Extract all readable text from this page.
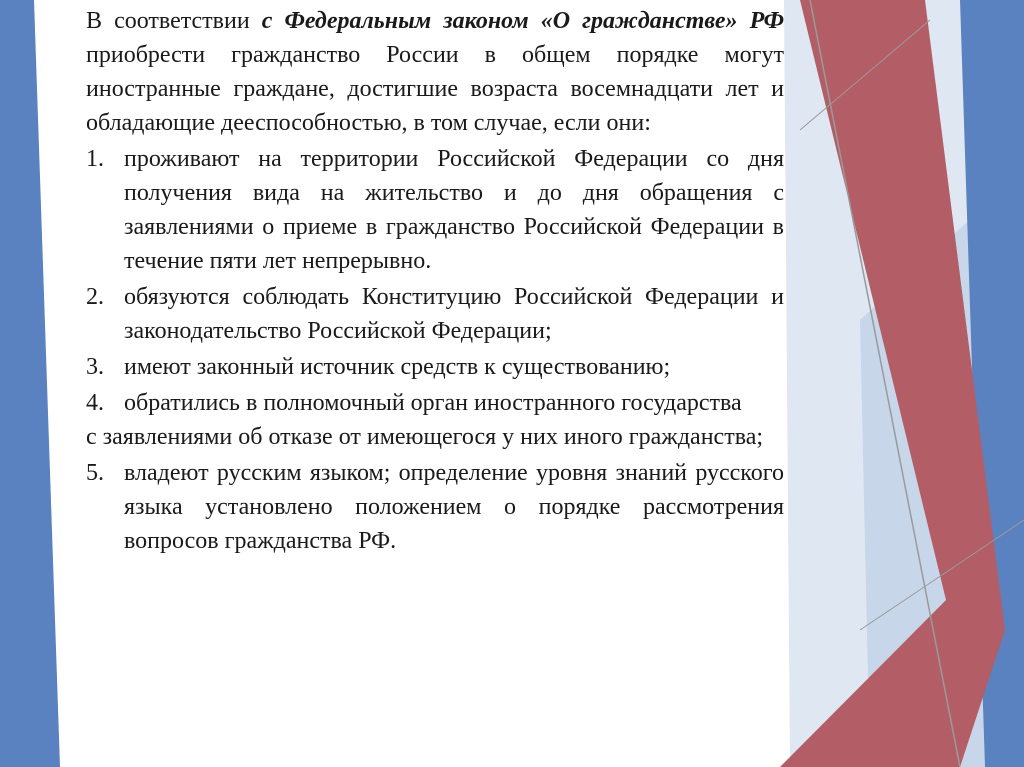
В соответствии с Федеральным законом «О гражданстве» РФ приобрести гражданство России в общем порядке могут иностранные граждане, достигшие возраста восемнадцати лет и обладающие дееспособностью, в том случае, если они:

1. проживают на территории Российской Федерации со дня получения вида на жительство и до дня обращения с заявлениями о приеме в гражданство Российской Федерации в течение пяти лет непрерывно.
2. обязуются соблюдать Конституцию Российской Федерации и законодательство Российской Федерации;
3. имеют законный источник средств к существованию;
4. обратились в полномочный орган иностранного государства

с заявлениями об отказе от имеющегося у них иного гражданства;

5. владеют русским языком; определение уровня знаний русского языка установлено положением о порядке рассмотрения вопросов гражданства РФ.
